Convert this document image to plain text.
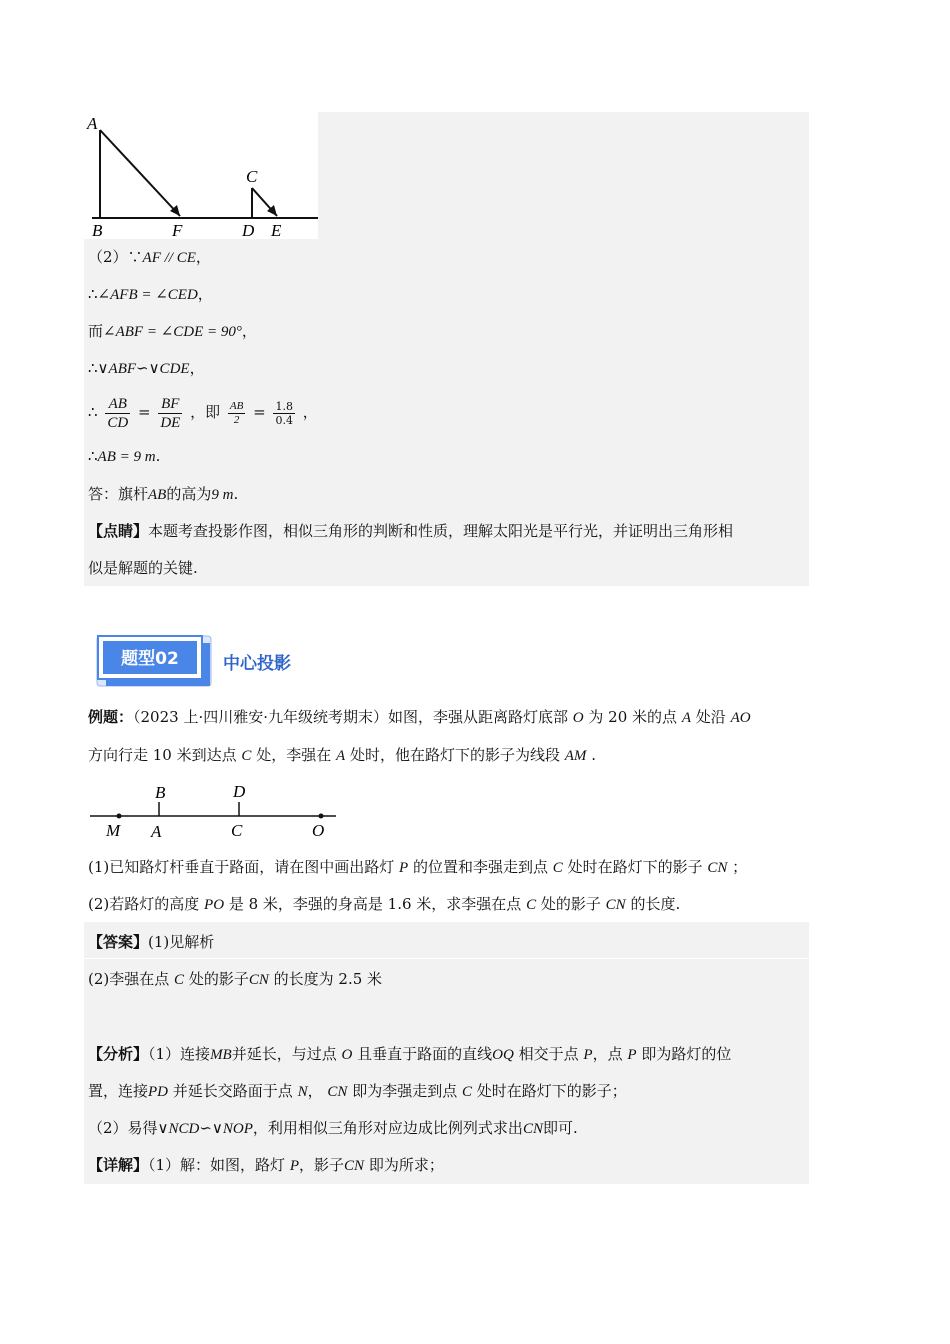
A
B	F
C
D E
（2）∵AF // CE，
∴∠AFB = ∠CED，
而∠ABF = ∠CDE = 90°，
∴∨ABF∽∨CDE，
∴ $\frac{AB}{CD} = \frac{BF}{DE}$ ，即 $\frac{AB}{2} = \frac{1.8}{0.4}$ ，
∴AB = 9 m.
答：旗杆AB的高为9 m.
【点睛】本题考查投影作图，相似三角形的判断和性质，理解太阳光是平行光，并证明出三角形相
似是解题的关键.
题型02	中心投影
例题：（2023 上·四川雅安·九年级统考期末）如图，李强从距离路灯底部 O 为 20 米的点 A 处沿 AO
方向行走 10 米到达点 C 处，李强在 A 处时，他在路灯下的影子为线段 AM .
B	D
M A	C	O
(1)已知路灯杆垂直于路面，请在图中画出路灯 P 的位置和李强走到点 C 处时在路灯下的影子 CN ；
(2)若路灯的高度 PO 是 8 米，李强的身高是 1.6 米，求李强在点 C 处的影子 CN 的长度.
【答案】(1)见解析
(2)李强在点 C 处的影子CN 的长度为 2.5 米
【分析】（1）连接MB并延长，与过点 O 且垂直于路面的直线OQ 相交于点 P，点 P 即为路灯的位
置，连接PD 并延长交路面于点 N， CN 即为李强走到点 C 处时在路灯下的影子；
（2）易得∨NCD∽∨NOP，利用相似三角形对应边成比例列式求出CN即可.
【详解】（1）解：如图，路灯 P，影子CN 即为所求；
